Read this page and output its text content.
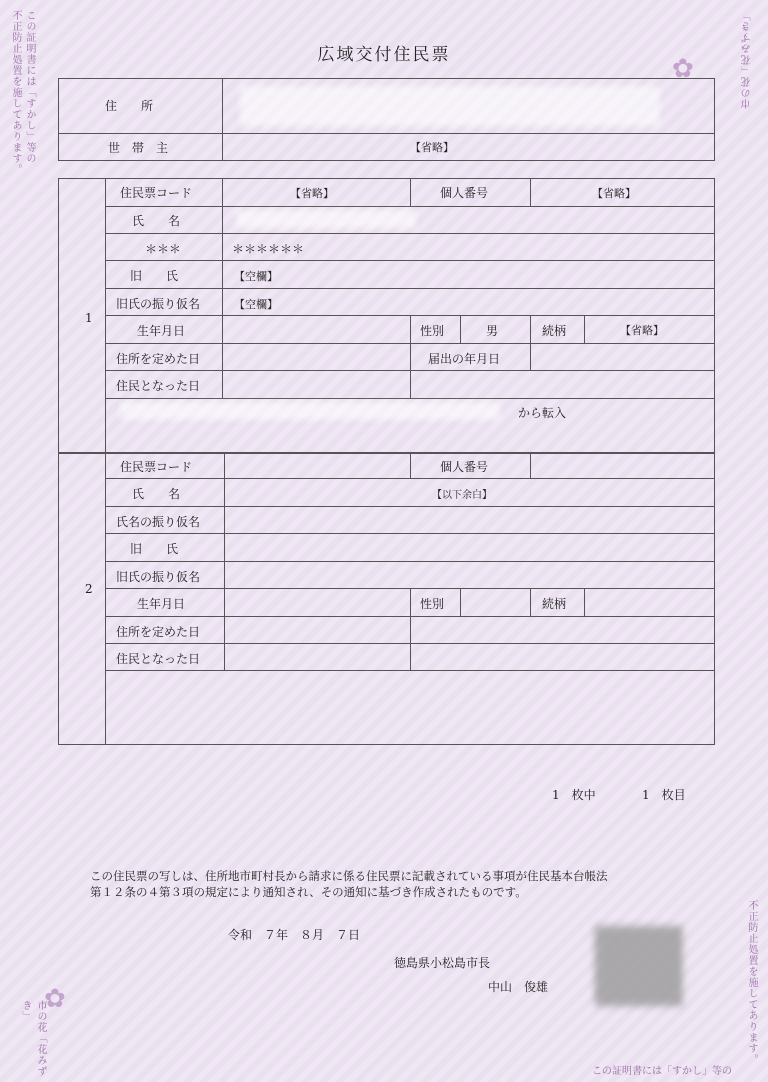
不正防止処置を施してあります。 この証明書には「すかし」等の	市の花「花みずき」
不正防止処置を施してあります。
市の花「花みずき」
この証明書には「すかし」等の
✿
✿
広域交付住民票
住　　所
世　帯　主	【省略】
1
住民票コード	【省略】	個人番号	【省略】
氏　　名
＊＊＊	＊＊＊＊＊＊
旧　　氏	【空欄】
旧氏の振り仮名	【空欄】
生年月日	性別	男	続柄	【省略】
住所を定めた日	届出の年月日
住民となった日
から転入
2
住民票コード	個人番号
氏　　名	【以下余白】
氏名の振り仮名
旧　　氏
旧氏の振り仮名
生年月日	性別	続柄
住所を定めた日
住民となった日
1　枚中	1　枚目
この住民票の写しは、住所地市町村長から請求に係る住民票に記載されている事項が住民基本台帳法
第１２条の４第３項の規定により通知され、その通知に基づき作成されたものです。
令和　７年　８月　７日
徳島県小松島市長
中山　俊雄
